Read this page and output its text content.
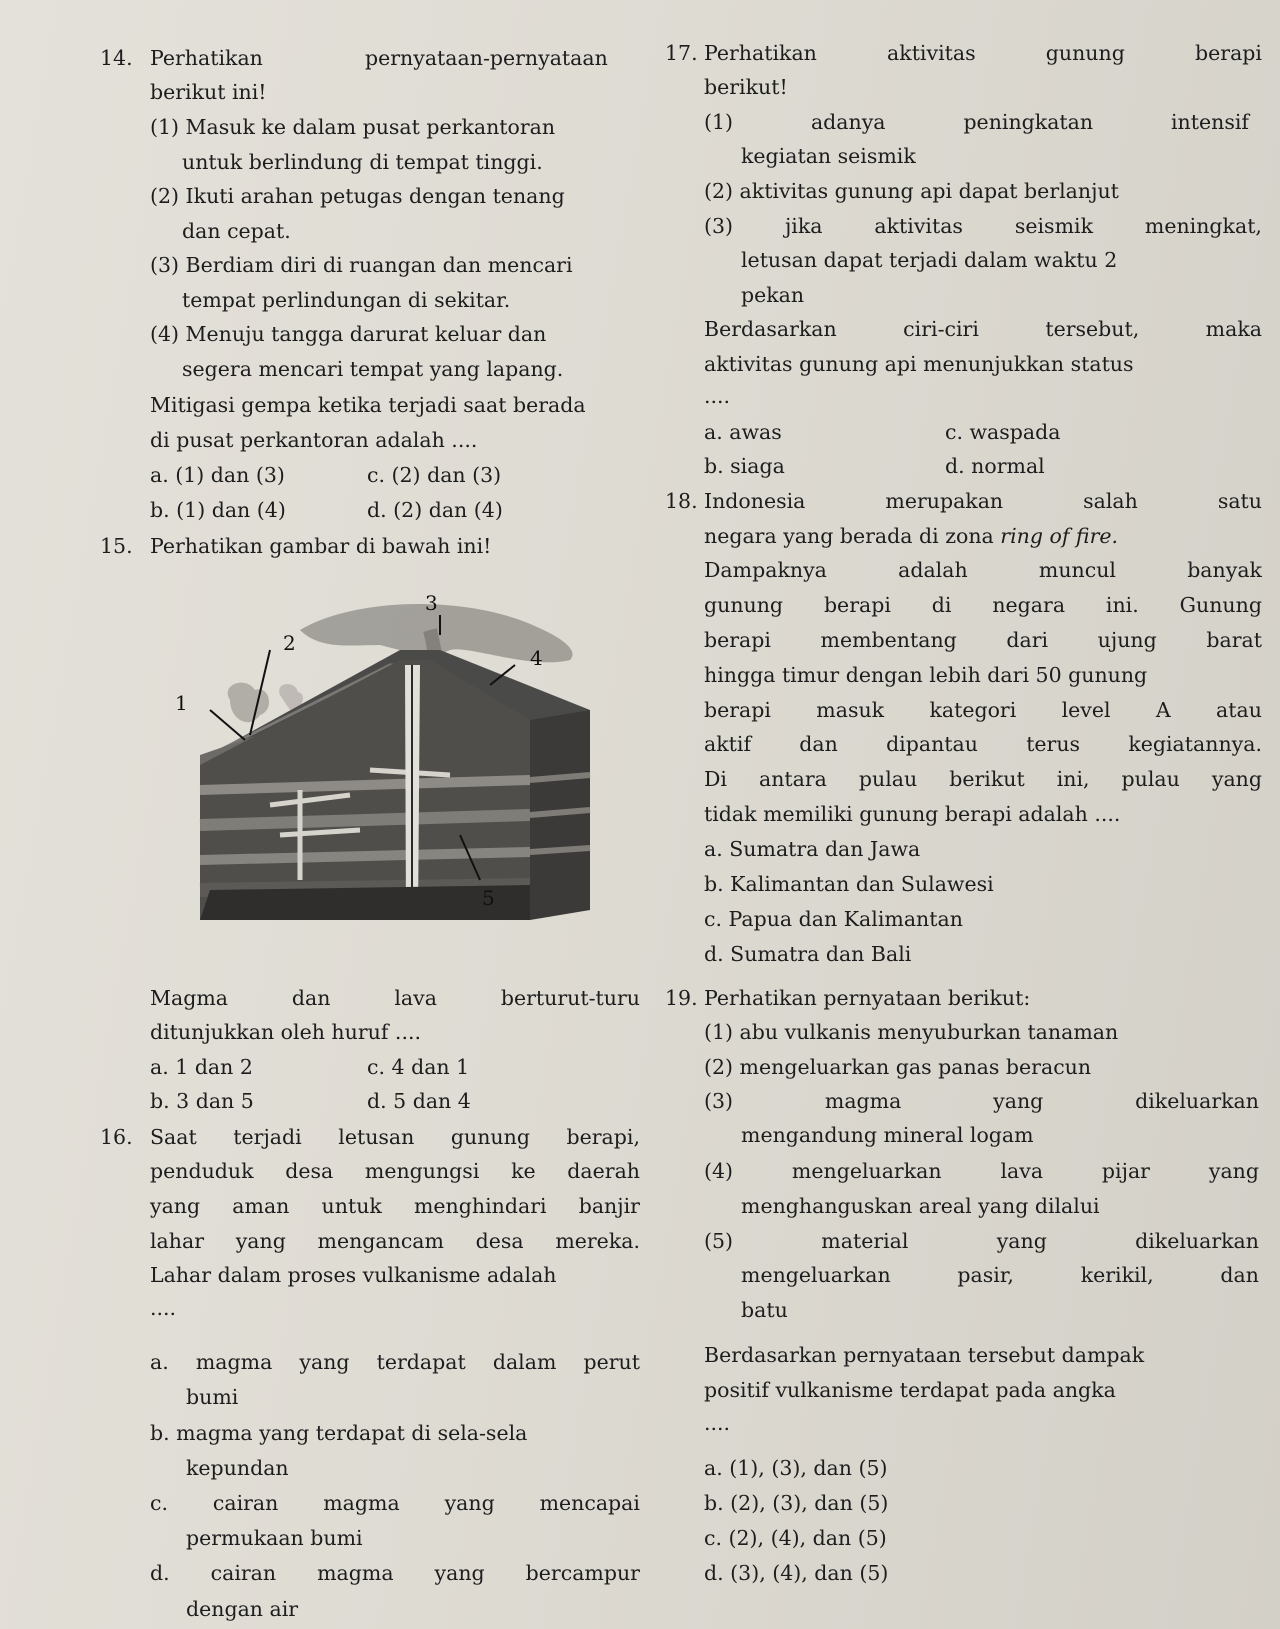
14. Perhatikan	pernyataan-pernyataan
berikut ini!
(1) Masuk ke dalam pusat perkantoran
untuk berlindung di tempat tinggi.
(2) Ikuti arahan petugas dengan tenang
dan cepat.
(3) Berdiam diri di ruangan dan mencari
tempat perlindungan di sekitar.
(4) Menuju tangga darurat keluar dan
segera mencari tempat yang lapang.
Mitigasi gempa ketika terjadi saat berada
di pusat perkantoran adalah ....
a. (1) dan (3)	c. (2) dan (3)
b. (1) dan (4)	d. (2) dan (4)
15. Perhatikan gambar di bawah ini!
3
2
4
1
5
Magma	dan	lava	berturut-turu
ditunjukkan oleh huruf ....
a. 1 dan 2	c. 4 dan 1
b. 3 dan 5	d. 5 dan 4
16. Saat terjadi letusan gunung berapi,
penduduk desa mengungsi ke daerah
yang aman untuk menghindari banjir
lahar yang mengancam desa mereka.
Lahar dalam proses vulkanisme adalah
....
a. magma yang terdapat dalam perut
bumi
b. magma yang terdapat di sela-sela
kepundan
c. cairan magma yang mencapai
permukaan bumi
d. cairan magma yang bercampur
dengan air
17. Perhatikan	aktivitas	gunung	berapi
berikut!
(1)	adanya	peningkatan	intensif
kegiatan seismik
(2) aktivitas gunung api dapat berlanjut
(3)	jika	aktivitas	seismik	meningkat,
letusan dapat terjadi dalam waktu 2
pekan
Berdasarkan	ciri-ciri	tersebut,	maka
aktivitas gunung api menunjukkan status
....
a. awas	c. waspada
b. siaga	d. normal
18. Indonesia	merupakan	salah	satu
negara yang berada di zona ring of fire.
Dampaknya	adalah	muncul	banyak
gunung berapi di negara ini. Gunung
berapi membentang dari ujung barat
hingga timur dengan lebih dari 50 gunung
berapi masuk kategori level A atau
aktif dan dipantau terus kegiatannya.
Di antara pulau berikut ini, pulau yang
tidak memiliki gunung berapi adalah ....
a. Sumatra dan Jawa
b. Kalimantan dan Sulawesi
c. Papua dan Kalimantan
d. Sumatra dan Bali
19. Perhatikan pernyataan berikut:
(1) abu vulkanis menyuburkan tanaman
(2) mengeluarkan gas panas beracun
(3)	magma	yang	dikeluarkan
mengandung mineral logam
(4)	mengeluarkan	lava	pijar	yang
menghanguskan areal yang dilalui
(5)	material	yang	dikeluarkan
mengeluarkan	pasir,	kerikil,	dan
batu
Berdasarkan pernyataan tersebut dampak
positif vulkanisme terdapat pada angka
....
a. (1), (3), dan (5)
b. (2), (3), dan (5)
c. (2), (4), dan (5)
d. (3), (4), dan (5)
